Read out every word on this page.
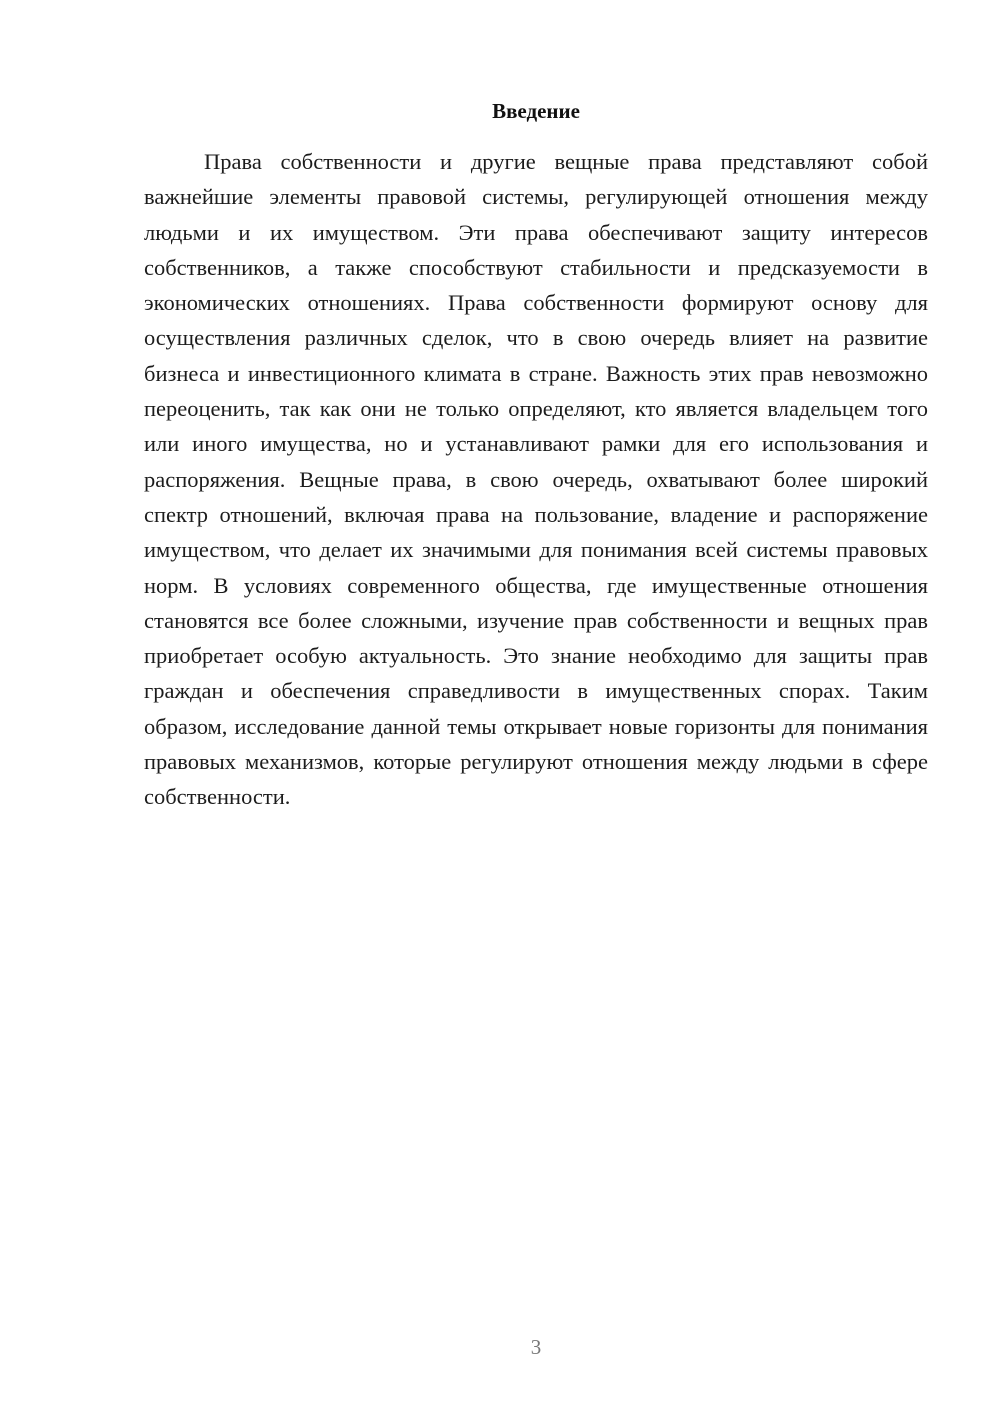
Введение

Права собственности и другие вещные права представляют собой важнейшие элементы правовой системы, регулирующей отношения между людьми и их имуществом. Эти права обеспечивают защиту интересов собственников, а также способствуют стабильности и предсказуемости в экономических отношениях. Права собственности формируют основу для осуществления различных сделок, что в свою очередь влияет на развитие бизнеса и инвестиционного климата в стране. Важность этих прав невозможно переоценить, так как они не только определяют, кто является владельцем того или иного имущества, но и устанавливают рамки для его использования и распоряжения. Вещные права, в свою очередь, охватывают более широкий спектр отношений, включая права на пользование, владение и распоряжение имуществом, что делает их значимыми для понимания всей системы правовых норм. В условиях современного общества, где имущественные отношения становятся все более сложными, изучение прав собственности и вещных прав приобретает особую актуальность. Это знание необходимо для защиты прав граждан и обеспечения справедливости в имущественных спорах. Таким образом, исследование данной темы открывает новые горизонты для понимания правовых механизмов, которые регулируют отношения между людьми в сфере собственности.

3
